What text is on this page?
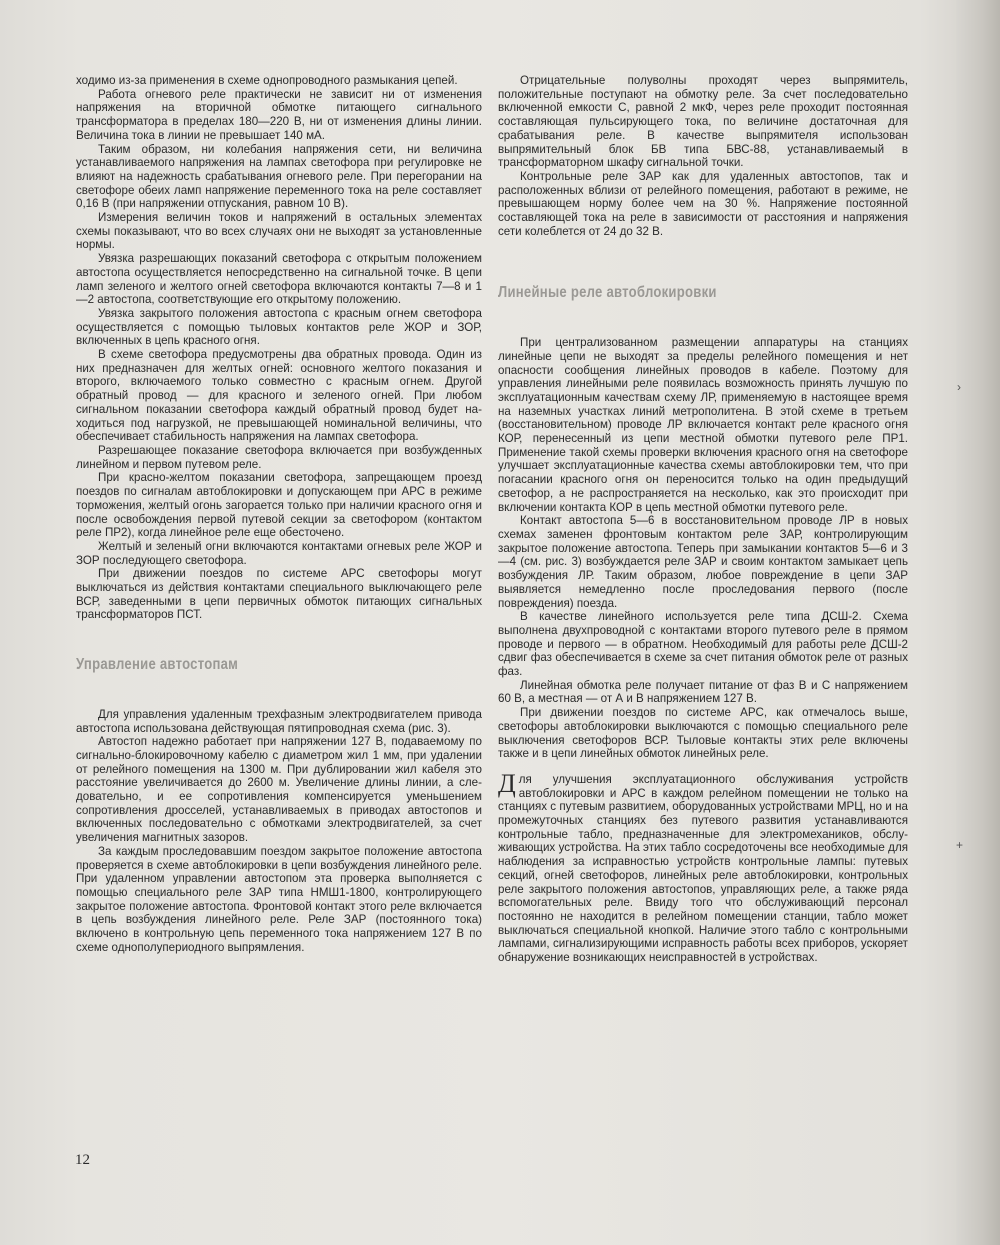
ходимо из-за применения в схеме однопроводного размыкания цепей.

Работа огневого реле практически не зависит ни от изменения напряжения на вторичной обмотке питающего сигнального трансформатора в пределах 180—220 В, ни от изменения длины линии. Величина тока в линии не превышает 140 мА.

Таким образом, ни колебания напряжения сети, ни величина устанавливаемого напряжения на лампах светофора при регулировке не влияют на надежность срабатывания огневого реле. При перегорании на светофоре обеих ламп напряжение переменного тока на реле составляет 0,16 В (при напряжении отпускания, равном 10 В).

Измерения величин токов и напряжений в остальных элементах схемы показывают, что во всех случаях они не выходят за установленные нормы.

Увязка разрешающих показаний светофора с открытым положением автостопа осуществляется непосредственно на сигнальной точке. В цепи ламп зеленого и желтого огней светофора включаются контакты 7—8 и 1—2 автостопа, соответствующие его открытому положению.

Увязка закрытого положения автостопа с красным огнем светофора осуществляется с помощью тыловых контактов реле ЖОР и ЗОР, включенных в цепь красного огня.

В схеме светофора предусмотрены два обратных провода. Один из них предназначен для желтых огней: основного желтого показания и второго, включаемого только совместно с красным огнем. Другой обратный провод — для красного и зеленого огней. При любом сигнальном показании светофора каждый обратный провод будет находиться под нагрузкой, не превышающей номинальной величины, что обеспечивает стабильность напряжения на лампах светофора.

Разрешающее показание светофора включается при возбужденных линейном и первом путевом реле.

При красно-желтом показании светофора, запрещающем проезд поездов по сигналам автоблокировки и допускающем при АРС в режиме торможения, желтый огонь загорается только при наличии красного огня и после освобождения первой путевой секции за светофором (контактом реле ПР2), когда линейное реле еще обесточено.

Желтый и зеленый огни включаются контактами огневых реле ЖОР и ЗОР последующего светофора.

При движении поездов по системе АРС светофоры могут выключаться из действия контактами специального выключающего реле ВСР, заведенными в цепи первичных обмоток питающих сигнальных трансформаторов ПСТ.

Управление автостопам

Для управления удаленным трехфазным электродвигателем привода автостопа использована действующая пятипроводная схема (рис. 3).

Автостоп надежно работает при напряжении 127 В, подаваемому по сигнально-блокировочному кабелю с диаметром жил 1 мм, при удалении от релейного помещения на 1300 м. При дублировании жил кабеля это расстояние увеличивается до 2600 м. Увеличение длины линии, а следовательно, и ее сопротивления компенсируется уменьшением сопротивления дросселей, устанавливаемых в приводах автостопов и включенных последовательно с обмотками электродвигателей, за счет увеличения магнитных зазоров.

За каждым проследовавшим поездом закрытое положение автостопа проверяется в схеме автоблокировки в цепи возбуждения линейного реле. При удаленном управлении автостопом эта проверка выполняется с помощью специального реле ЗАР типа НМШ1-1800, контролирующего закрытое положение автостопа. Фронтовой контакт этого реле включается в цепь возбуждения линейного реле. Реле ЗАР (постоянного тока) включено в контрольную цепь переменного тока напряжением 127 В по схеме однополупериодного выпрямления.

Отрицательные полуволны проходят через выпрямитель, положительные поступают на обмотку реле. За счет последовательно включенной емкости С, равной 2 мкФ, через реле проходит постоянная составляющая пульсирующего тока, по величине достаточная для срабатывания реле. В качестве выпрямителя использован выпрямительный блок БВ типа БВС-88, устанавливаемый в трансформаторном шкафу сигнальной точки.

Контрольные реле ЗАР как для удаленных автостопов, так и расположенных вблизи от релейного помещения, работают в режиме, не превышающем норму более чем на 30 %. Напряжение постоянной составляющей тока на реле в зависимости от расстояния и напряжения сети колеблется от 24 до 32 В.

Линейные реле автоблокировки

При централизованном размещении аппаратуры на станциях линейные цепи не выходят за пределы релейного помещения и нет опасности сообщения линейных проводов в кабеле. Поэтому для управления линейными реле появилась возможность принять лучшую по эксплуатационным качествам схему ЛР, применяемую в настоящее время на наземных участках линий метрополитена. В этой схеме в третьем (восстановительном) проводе ЛР включается контакт реле красного огня КОР, перенесенный из цепи местной обмотки путевого реле ПР1. Применение такой схемы проверки включения красного огня на светофоре улучшает эксплуатационные качества схемы автоблокировки тем, что при погасании красного огня он переносится только на один предыдущий светофор, а не распространяется на несколько, как это происходит при включении контакта КОР в цепь местной обмотки путевого реле.

Контакт автостопа 5—6 в восстановительном проводе ЛР в новых схемах заменен фронтовым контактом реле ЗАР, контролирующим закрытое положение автостопа. Теперь при замыкании контактов 5—6 и 3—4 (см. рис. 3) возбуждается реле ЗАР и своим контактом замыкает цепь возбуждения ЛР. Таким образом, любое повреждение в цепи ЗАР выявляется немедленно после проследования первого (после повреждения) поезда.

В качестве линейного используется реле типа ДСШ-2. Схема выполнена двухпроводной с контактами второго путевого реле в прямом проводе и первого — в обратном. Необходимый для работы реле ДСШ-2 сдвиг фаз обеспечивается в схеме за счет питания обмоток реле от разных фаз.

Линейная обмотка реле получает питание от фаз В и С напряжением 60 В, а местная — от А и В напряжением 127 В.

При движении поездов по системе АРС, как отмечалось выше, светофоры автоблокировки выключаются с помощью специального реле выключения светофоров ВСР. Тыловые контакты этих реле включены также и в цепи линейных обмоток линейных реле.

Для улучшения эксплуатационного обслуживания устройств автоблокировки и АРС в каждом релейном помещении не только на станциях с путевым развитием, оборудованных устройствами МРЦ, но и на промежуточных станциях без путевого развития устанавливаются контрольные табло, предназначенные для электромехаников, обслуживающих устройства. На этих табло сосредоточены все необходимые для наблюдения за исправностью устройств контрольные лампы: путевых секций, огней светофоров, линейных реле автоблокировки, контрольных реле закрытого положения автостопов, управляющих реле, а также ряда вспомогательных реле. Ввиду того что обслуживающий персонал постоянно не находится в релейном помещении станции, табло может выключаться специальной кнопкой. Наличие этого табло с контрольными лампами, сигнализирующими исправность работы всех приборов, ускоряет обнаружение возникающих неисправностей в устройствах.

12
›
+
